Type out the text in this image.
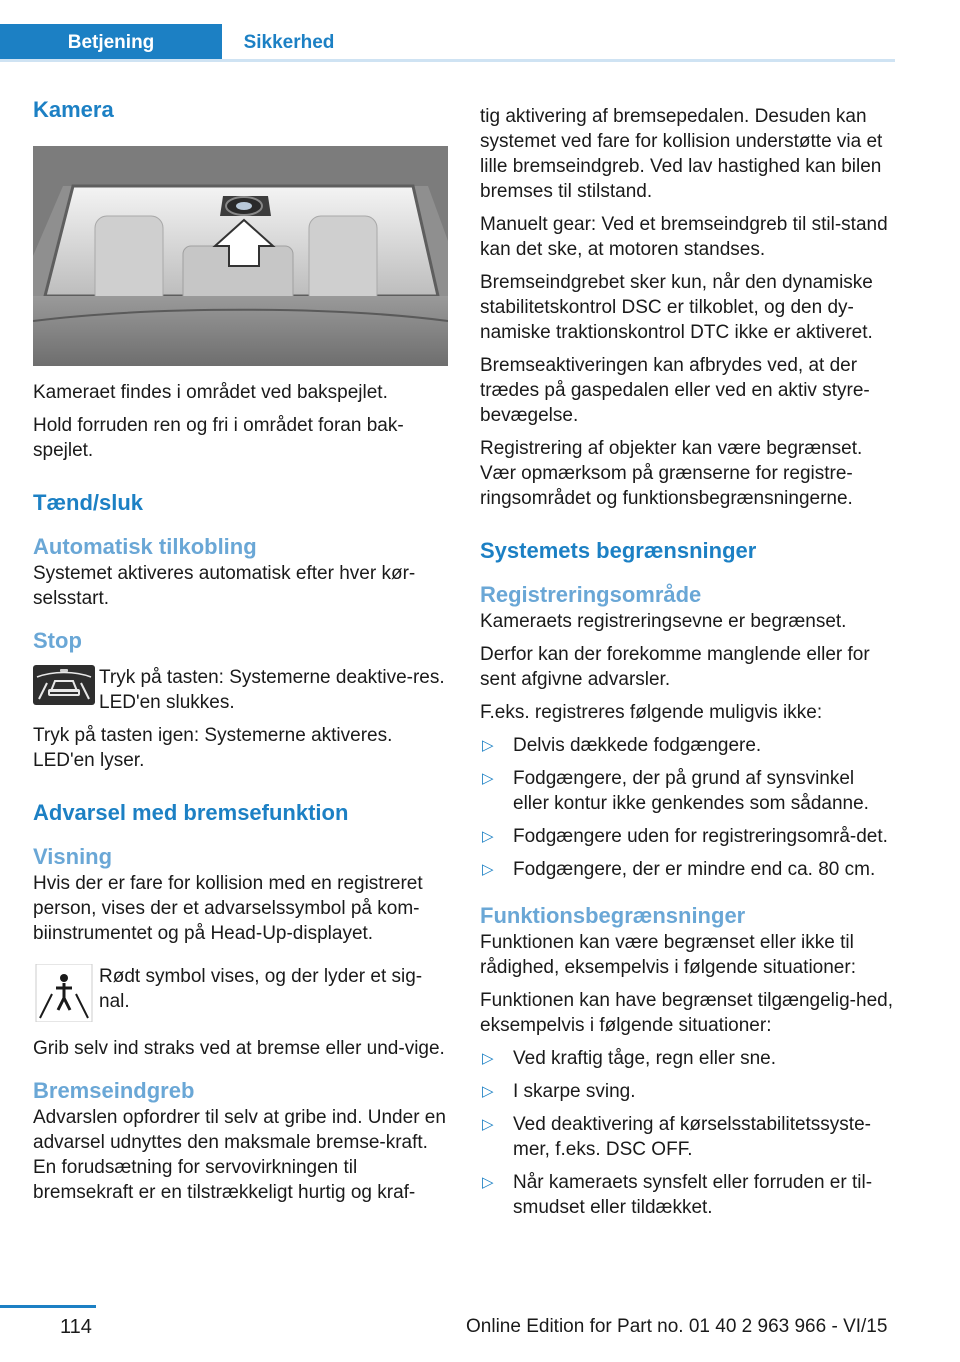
Betjening	Sikkerhed
Kamera

Kameraet findes i området ved bakspejlet.

Hold forruden ren og fri i området foran bak‐spejlet.

Tænd/sluk
Automatisk tilkobling

Systemet aktiveres automatisk efter hver kør‐selsstart.

Stop

Tryk på tasten: Systemerne deaktive‐res. LED'en slukkes.

Tryk på tasten igen: Systemerne aktiveres. LED'en lyser.

Advarsel med bremsefunktion
Visning

Hvis der er fare for kollision med en registreret person, vises der et advarselssymbol på kom‐biinstrumentet og på Head-Up-displayet.

Rødt symbol vises, og der lyder et sig‐nal.

Grib selv ind straks ved at bremse eller und‐vige.

Bremseindgreb

Advarslen opfordrer til selv at gribe ind. Under en advarsel udnyttes den maksmale bremse‐kraft. En forudsætning for servovirkningen til bremsekraft er en tilstrækkeligt hurtig og kraf‐

tig aktivering af bremsepedalen. Desuden kan systemet ved fare for kollision understøtte via et lille bremseindgreb. Ved lav hastighed kan bilen bremses til stilstand.

Manuelt gear: Ved et bremseindgreb til stil‐stand kan det ske, at motoren standses.

Bremseindgrebet sker kun, når den dynamiske stabilitetskontrol DSC er tilkoblet, og den dy‐namiske traktionskontrol DTC ikke er aktiveret.

Bremseaktiveringen kan afbrydes ved, at der trædes på gaspedalen eller ved en aktiv styre‐bevægelse.

Registrering af objekter kan være begrænset. Vær opmærksom på grænserne for registre‐ringsområdet og funktionsbegrænsningerne.

Systemets begrænsninger
Registreringsområde

Kameraets registreringsevne er begrænset.

Derfor kan der forekomme manglende eller for sent afgivne advarsler.

F.eks. registreres følgende muligvis ikke:

▷ Delvis dækkede fodgængere.
▷ Fodgængere, der på grund af synsvinkel eller kontur ikke genkendes som sådanne.
▷ Fodgængere uden for registreringsområ‐det.
▷ Fodgængere, der er mindre end ca. 80 cm.
Funktionsbegrænsninger

Funktionen kan være begrænset eller ikke til rådighed, eksempelvis i følgende situationer:

Funktionen kan have begrænset tilgængelig‐hed, eksempelvis i følgende situationer:

▷ Ved kraftig tåge, regn eller sne.
▷ I skarpe sving.
▷ Ved deaktivering af kørselsstabilitetssyste‐mer, f.eks. DSC OFF.
▷ Når kameraets synsfelt eller forruden er til‐smudset eller tildækket.
114	Online Edition for Part no. 01 40 2 963 966 - VI/15
